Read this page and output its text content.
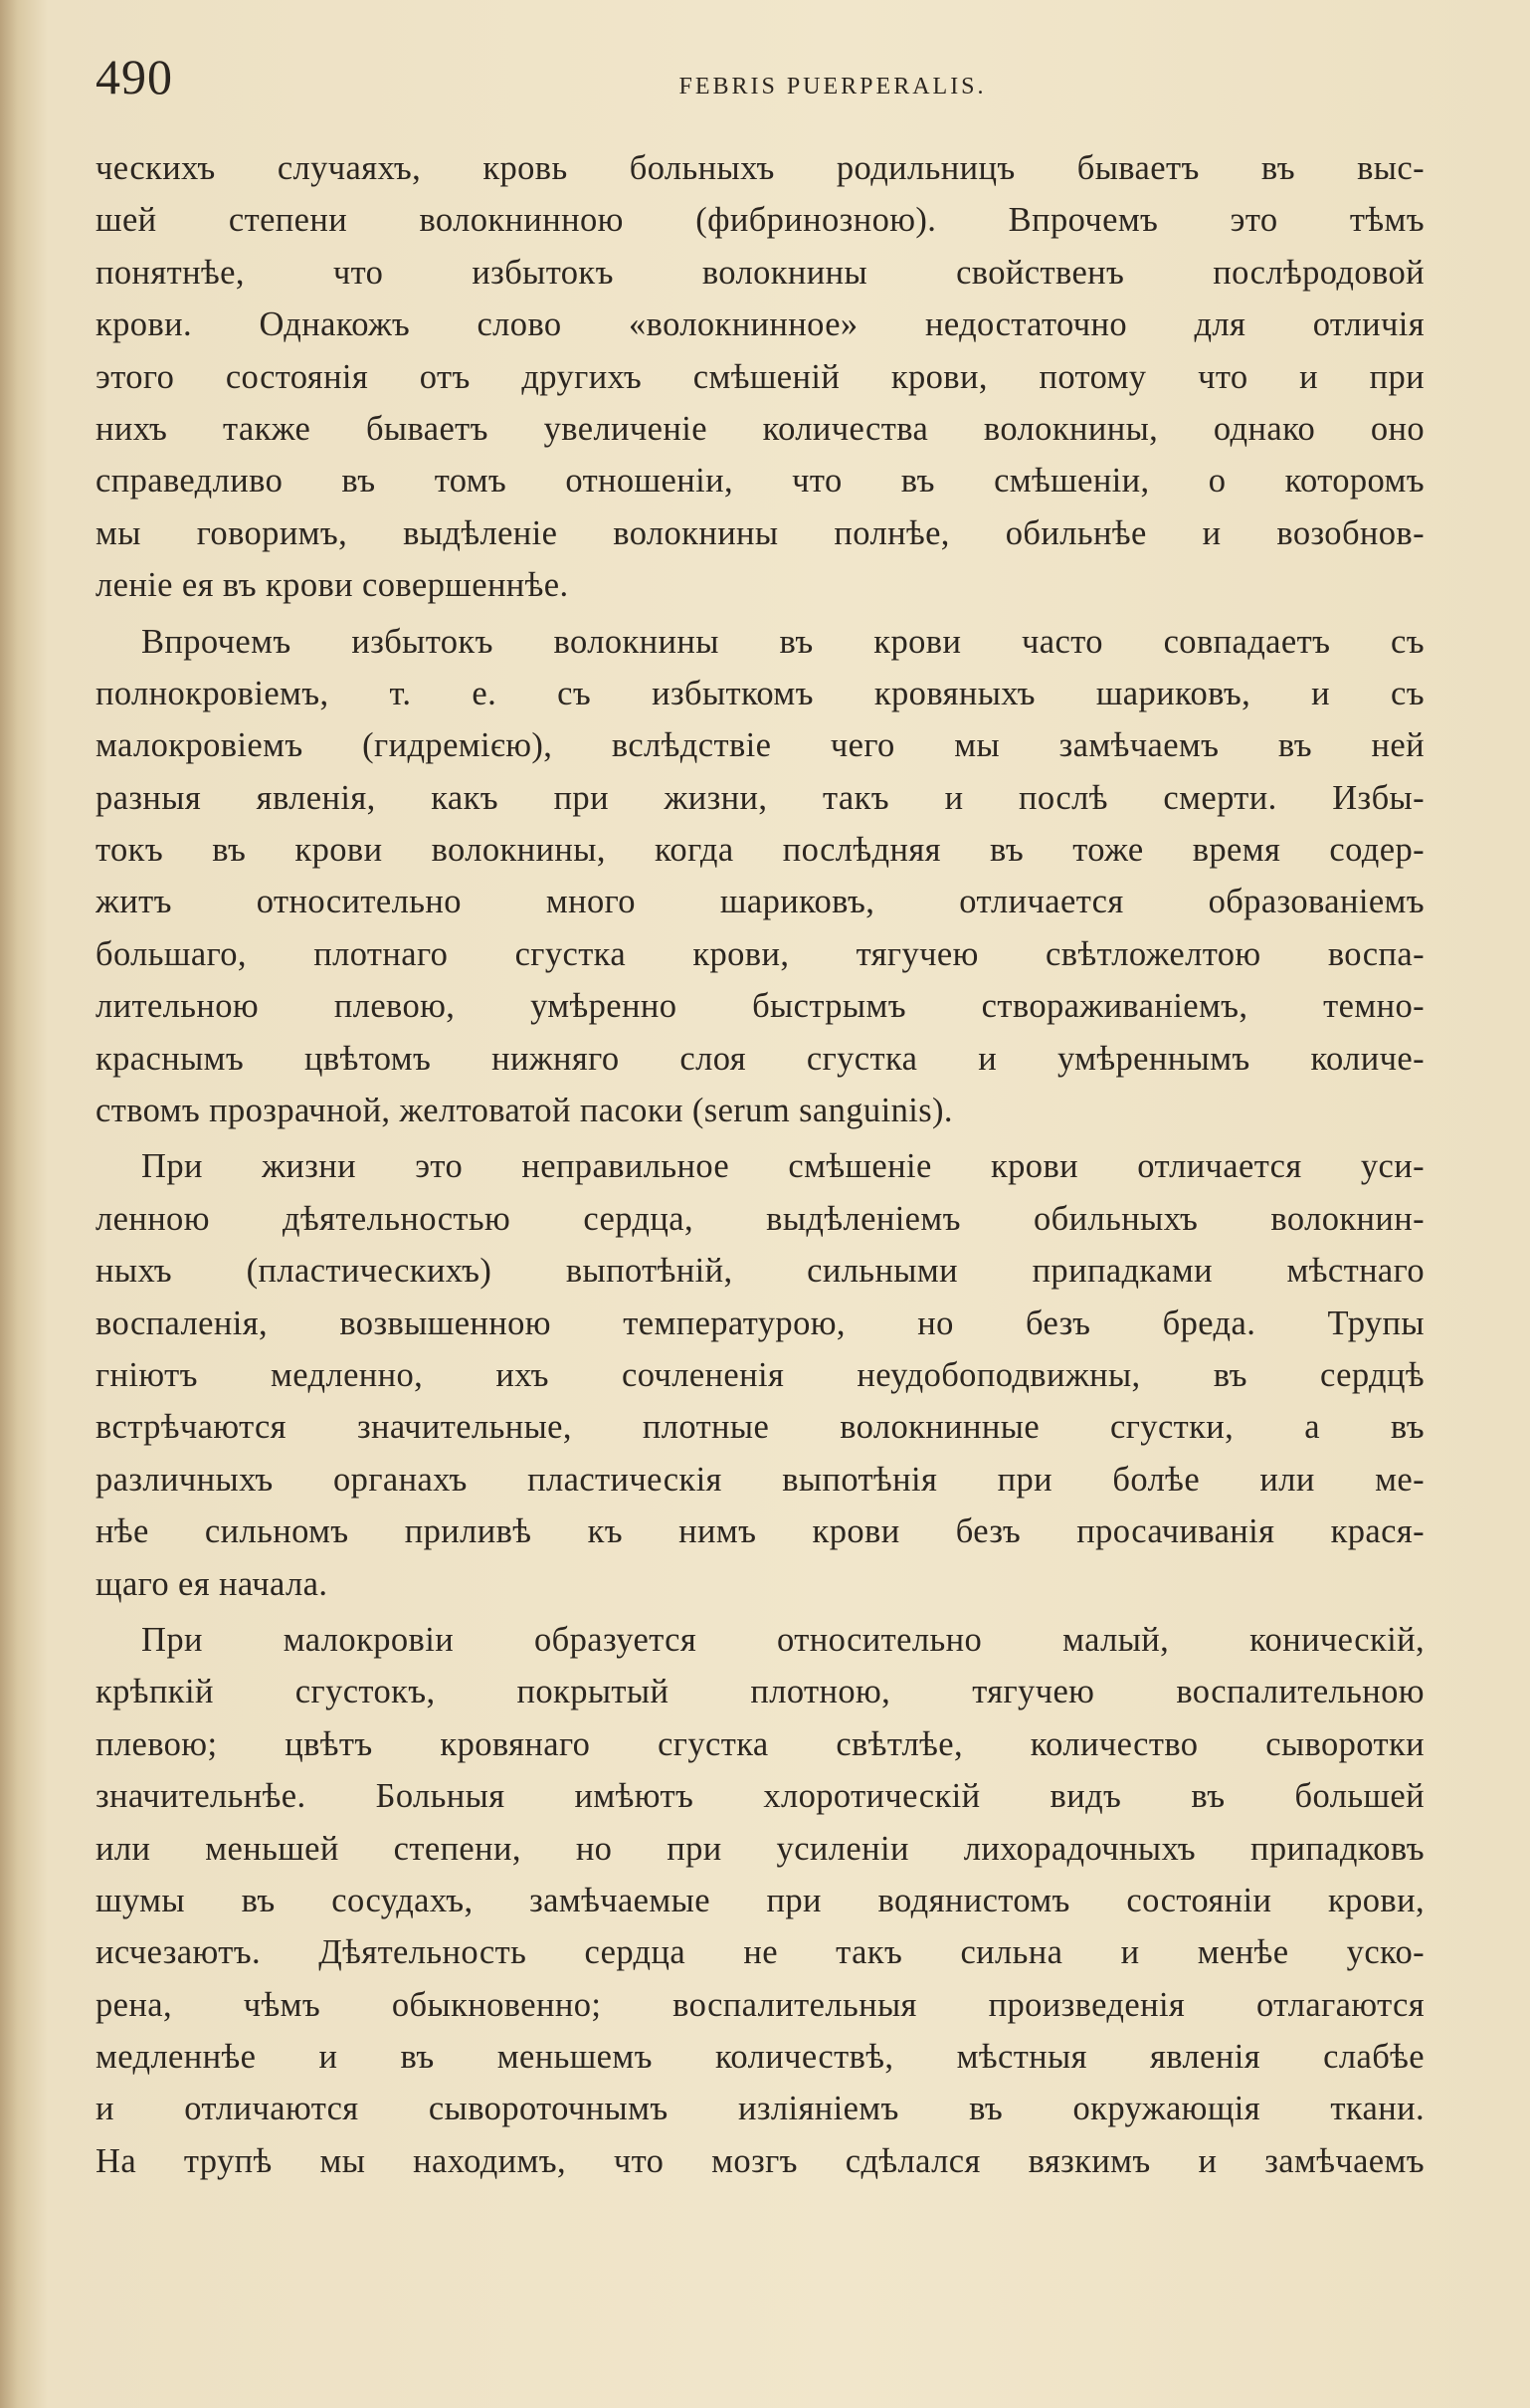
490	FEBRIS PUERPERALIS.
ческихъ случаяхъ, кровь больныхъ родильницъ бываетъ въ выс-
шей степени волокнинною (фибринозною). Впрочемъ это тѣмъ
понятнѣе, что избытокъ волокнины свойственъ послѣродовой
крови. Однакожъ слово «волокнинное» недостаточно для отличія
этого состоянія отъ другихъ смѣшеній крови, потому что и при
нихъ также бываетъ увеличеніе количества волокнины, однако оно
справедливо въ томъ отношеніи, что въ смѣшеніи, о которомъ
мы говоримъ, выдѣленіе волокнины полнѣе, обильнѣе и возобнов-
леніе ея въ крови совершеннѣе.
Впрочемъ избытокъ волокнины въ крови часто совпадаетъ съ
полнокровіемъ, т. е. съ избыткомъ кровяныхъ шариковъ, и съ
малокровіемъ (гидремією), вслѣдствіе чего мы замѣчаемъ въ ней
разныя явленія, какъ при жизни, такъ и послѣ смерти. Избы-
токъ въ крови волокнины, когда послѣдняя въ тоже время содер-
житъ относительно много шариковъ, отличается образованіемъ
большаго, плотнаго сгустка крови, тягучею свѣтложелтою воспа-
лительною плевою, умѣренно быстрымъ створаживаніемъ, темно-
краснымъ цвѣтомъ нижняго слоя сгустка и умѣреннымъ количе-
ствомъ прозрачной, желтоватой пасоки (serum sanguinis).
При жизни это неправильное смѣшеніе крови отличается уси-
ленною дѣятельностью сердца, выдѣленіемъ обильныхъ волокнин-
ныхъ (пластическихъ) выпотѣній, сильными припадками мѣстнаго
воспаленія, возвышенною температурою, но безъ бреда. Трупы
гніютъ медленно, ихъ сочлененія неудобоподвижны, въ сердцѣ
встрѣчаются значительные, плотные волокнинные сгустки, а въ
различныхъ органахъ пластическія выпотѣнія при болѣе или ме-
нѣе сильномъ приливѣ къ нимъ крови безъ просачиванія крася-
щаго ея начала.
При малокровіи образуется относительно малый, коническій,
крѣпкій сгустокъ, покрытый плотною, тягучею воспалительною
плевою; цвѣтъ кровянаго сгустка свѣтлѣе, количество сыворотки
значительнѣе. Больныя имѣютъ хлоротическій видъ въ большей
или меньшей степени, но при усиленіи лихорадочныхъ припадковъ
шумы въ сосудахъ, замѣчаемые при водянистомъ состояніи крови,
исчезаютъ. Дѣятельность сердца не такъ сильна и менѣе уско-
рена, чѣмъ обыкновенно; воспалительныя произведенія отлагаются
медленнѣе и въ меньшемъ количествѣ, мѣстныя явленія слабѣе
и отличаются сывороточнымъ изліяніемъ въ окружающія ткани.
На трупѣ мы находимъ, что мозгъ сдѣлался вязкимъ и замѣчаемъ
